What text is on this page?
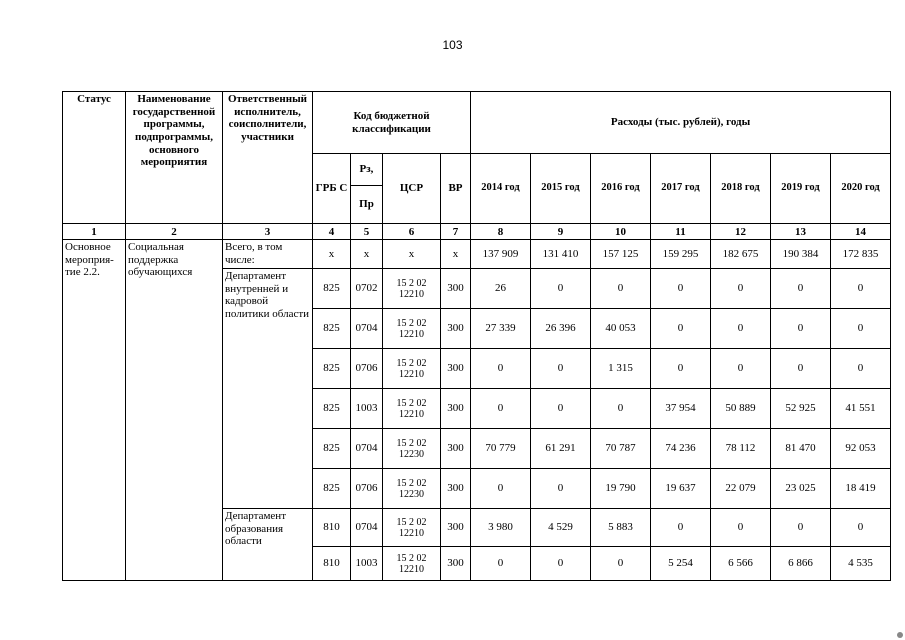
103
Статус	Наименование государственной программы, подпрограммы, основного мероприятия	Ответственный исполнитель, соисполнители, участники	Код бюджетной классификации				Расходы (тыс. рублей), годы						
			ГРБ С	Рз,	ЦСР	ВР	2014 год	2015 год	2016 год	2017 год	2018 год	2019 год	2020 год
				Пр									
1	2	3	4	5	6	7	8	9	10	11	12	13	14
Основное мероприя-тие 2.2.	Социальная поддержка обучающихся	Всего, в том числе:	х	х	х	х	137 909	131 410	157 125	159 295	182 675	190 384	172 835
		Департамент внутренней и кадровой политики области	825	0702	15 2 02 12210	300	26	0	0	0	0	0	0
			825	0704	15 2 02 12210	300	27 339	26 396	40 053	0	0	0	0
			825	0706	15 2 02 12210	300	0	0	1 315	0	0	0	0
			825	1003	15 2 02 12210	300	0	0	0	37 954	50 889	52 925	41 551
			825	0704	15 2 02 12230	300	70 779	61 291	70 787	74 236	78 112	81 470	92 053
			825	0706	15 2 02 12230	300	0	0	19 790	19 637	22 079	23 025	18 419
		Департамент образования области	810	0704	15 2 02 12210	300	3 980	4 529	5 883	0	0	0	0
			810	1003	15 2 02 12210	300	0	0	0	5 254	6 566	6 866	4 535
